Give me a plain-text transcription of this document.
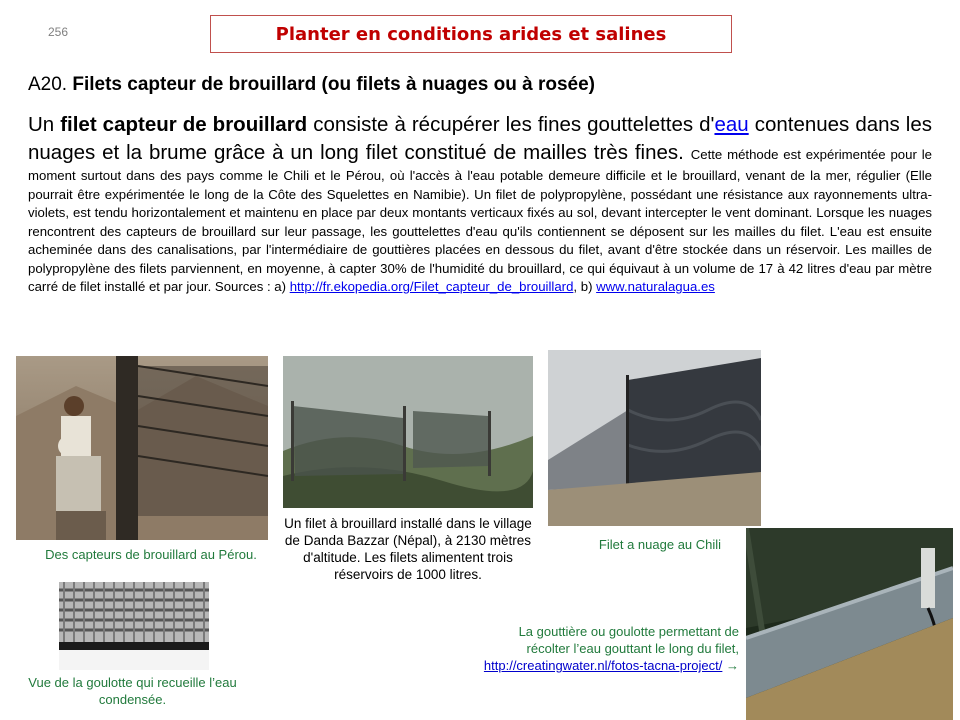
256	Planter en conditions arides et salines
A20. Filets capteur de brouillard (ou filets à nuages ou à rosée)
Un filet capteur de brouillard consiste à récupérer les fines gouttelettes d'eau contenues dans les nuages et la brume grâce à un long filet constitué de mailles très fines. Cette méthode est expérimentée pour le moment surtout dans des pays comme le Chili et le Pérou, où l'accès à l'eau potable demeure difficile et le brouillard, venant de la mer, régulier (Elle pourrait être expérimentée le long de la Côte des Squelettes en Namibie). Un filet de polypropylène, possédant une résistance aux rayonnements ultra-violets, est tendu horizontalement et maintenu en place par deux montants verticaux fixés au sol, devant intercepter le vent dominant. Lorsque les nuages rencontrent des capteurs de brouillard sur leur passage, les gouttelettes d'eau qu'ils contiennent se déposent sur les mailles du filet. L'eau est ensuite acheminée dans des canalisations, par l'intermédiaire de gouttières placées en dessous du filet, avant d'être stockée dans un réservoir. Les mailles de polypropylène des filets parviennent, en moyenne, à capter 30% de l'humidité du brouillard, ce qui équivaut à un volume de 17 à 42 litres d'eau par mètre carré de filet installé et par jour. Sources : a) http://fr.ekopedia.org/Filet_capteur_de_brouillard, b) www.naturalagua.es
Des capteurs de brouillard au Pérou.
Un filet à brouillard installé dans le village de Danda Bazzar (Népal), à 2130 mètres d'altitude. Les filets alimentent trois réservoirs de 1000 litres.
Filet a nuage au Chili
Vue de la goulotte qui recueille l’eau condensée.
La gouttière ou goulotte permettant de récolter l’eau gouttant le long du filet, http://creatingwater.nl/fotos-tacna-project/ →
